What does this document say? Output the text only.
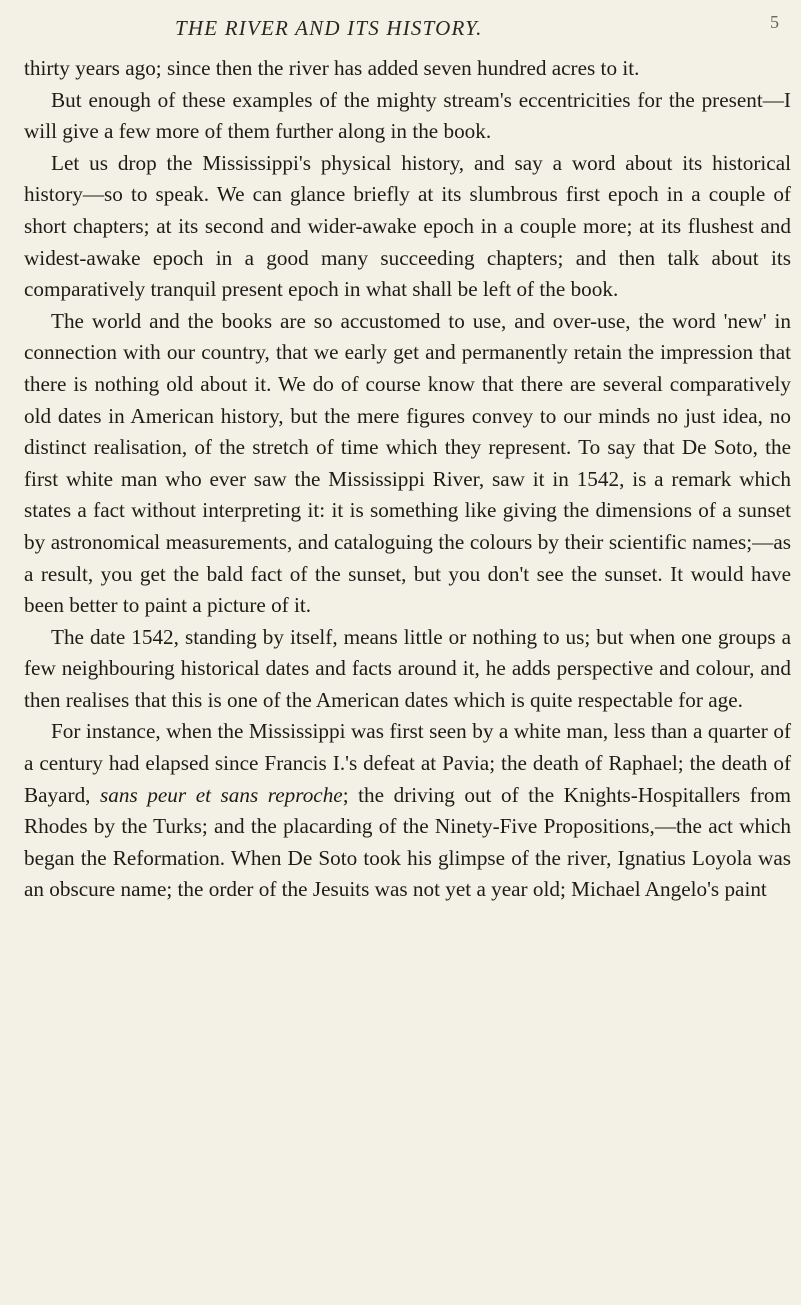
THE RIVER AND ITS HISTORY.	5

thirty years ago; since then the river has added seven hundred acres to it.

But enough of these examples of the mighty stream's eccentricities for the present—I will give a few more of them further along in the book.

Let us drop the Mississippi's physical history, and say a word about its historical history—so to speak. We can glance briefly at its slumbrous first epoch in a couple of short chapters; at its second and wider-awake epoch in a couple more; at its flushest and widest-awake epoch in a good many succeeding chapters; and then talk about its comparatively tranquil present epoch in what shall be left of the book.

The world and the books are so accustomed to use, and over-use, the word 'new' in connection with our country, that we early get and permanently retain the impression that there is nothing old about it. We do of course know that there are several comparatively old dates in American history, but the mere figures convey to our minds no just idea, no distinct realisation, of the stretch of time which they represent. To say that De Soto, the first white man who ever saw the Mississippi River, saw it in 1542, is a remark which states a fact without interpreting it: it is something like giving the dimensions of a sunset by astronomical measurements, and cataloguing the colours by their scientific names;—as a result, you get the bald fact of the sunset, but you don't see the sunset. It would have been better to paint a picture of it.

The date 1542, standing by itself, means little or nothing to us; but when one groups a few neighbouring historical dates and facts around it, he adds perspective and colour, and then realises that this is one of the American dates which is quite respectable for age.

For instance, when the Mississippi was first seen by a white man, less than a quarter of a century had elapsed since Francis I.'s defeat at Pavia; the death of Raphael; the death of Bayard, sans peur et sans reproche; the driving out of the Knights-Hospitallers from Rhodes by the Turks; and the placarding of the Ninety-Five Propositions,—the act which began the Reformation. When De Soto took his glimpse of the river, Ignatius Loyola was an obscure name; the order of the Jesuits was not yet a year old; Michael Angelo's paint
